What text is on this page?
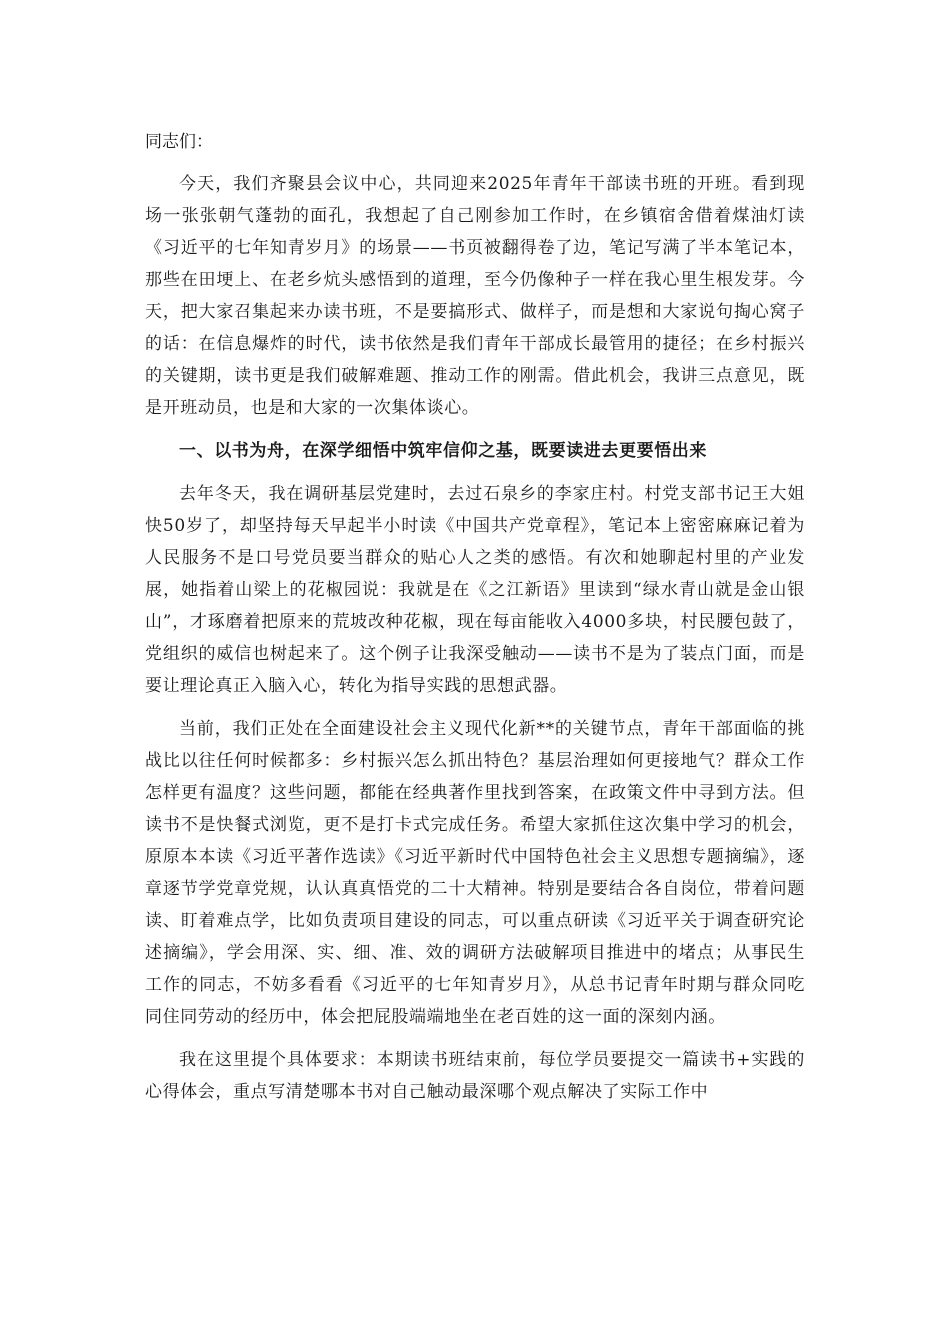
同志们：

今天，我们齐聚县会议中心，共同迎来2025年青年干部读书班的开班。看到现场一张张朝气蓬勃的面孔，我想起了自己刚参加工作时，在乡镇宿舍借着煤油灯读《习近平的七年知青岁月》的场景——书页被翻得卷了边，笔记写满了半本笔记本，那些在田埂上、在老乡炕头感悟到的道理，至今仍像种子一样在我心里生根发芽。今天，把大家召集起来办读书班，不是要搞形式、做样子，而是想和大家说句掏心窝子的话：在信息爆炸的时代，读书依然是我们青年干部成长最管用的捷径；在乡村振兴的关键期，读书更是我们破解难题、推动工作的刚需。借此机会，我讲三点意见，既是开班动员，也是和大家的一次集体谈心。

一、以书为舟，在深学细悟中筑牢信仰之基，既要读进去更要悟出来

去年冬天，我在调研基层党建时，去过石泉乡的李家庄村。村党支部书记王大姐快50岁了，却坚持每天早起半小时读《中国共产党章程》，笔记本上密密麻麻记着为人民服务不是口号党员要当群众的贴心人之类的感悟。有次和她聊起村里的产业发展，她指着山梁上的花椒园说：我就是在《之江新语》里读到“绿水青山就是金山银山”，才琢磨着把原来的荒坡改种花椒，现在每亩能收入4000多块，村民腰包鼓了，党组织的威信也树起来了。这个例子让我深受触动——读书不是为了装点门面，而是要让理论真正入脑入心，转化为指导实践的思想武器。

当前，我们正处在全面建设社会主义现代化新**的关键节点，青年干部面临的挑战比以往任何时候都多：乡村振兴怎么抓出特色？基层治理如何更接地气？群众工作怎样更有温度？这些问题，都能在经典著作里找到答案，在政策文件中寻到方法。但读书不是快餐式浏览，更不是打卡式完成任务。希望大家抓住这次集中学习的机会，原原本本读《习近平著作选读》《习近平新时代中国特色社会主义思想专题摘编》，逐章逐节学党章党规，认认真真悟党的二十大精神。特别是要结合各自岗位，带着问题读、盯着难点学，比如负责项目建设的同志，可以重点研读《习近平关于调查研究论述摘编》，学会用深、实、细、准、效的调研方法破解项目推进中的堵点；从事民生工作的同志，不妨多看看《习近平的七年知青岁月》，从总书记青年时期与群众同吃同住同劳动的经历中，体会把屁股端端地坐在老百姓的这一面的深刻内涵。

我在这里提个具体要求：本期读书班结束前，每位学员要提交一篇读书+实践的心得体会，重点写清楚哪本书对自己触动最深哪个观点解决了实际工作中
